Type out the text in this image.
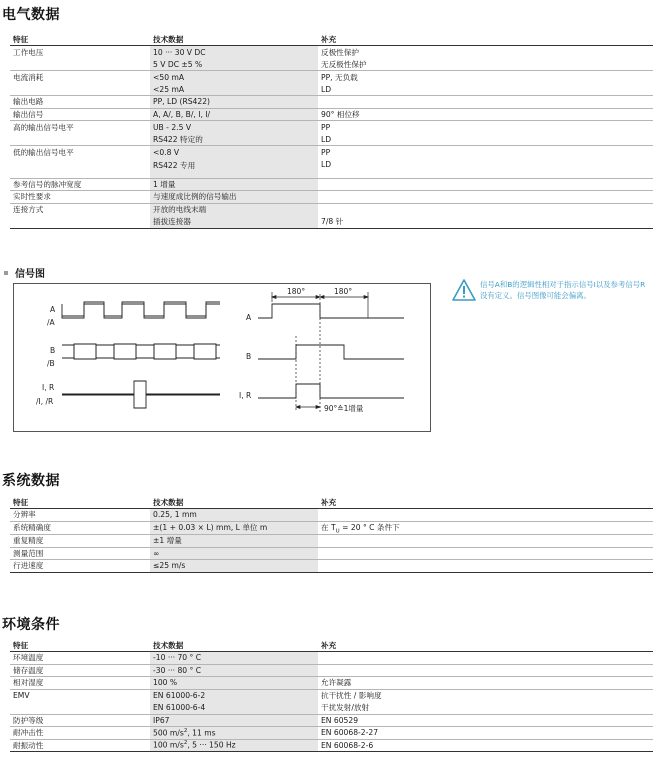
电气数据
特征	技术数据	补充
工作电压	10 ··· 30 V DC	反极性保护
	5 V DC ±5 %	无反极性保护
电流消耗	<50 mA	PP, 无负载
	<25 mA	LD
输出电路	PP, LD (RS422)	
输出信号	A, A/, B, B/, I, I/	90° 相位移
高的输出信号电平	UB - 2.5 V	PP
	RS422 特定的	LD
低的输出信号电平	<0.8 V	PP
	RS422 专用	LD
参考信号的脉冲宽度	1 增量	
实时性要求	与速度成比例的信号输出	
连接方式	开放的电线末端	
	插拔连接器	7/8 针
信号图
A
/A
B
/B
I, R
/I, /R
A
B
I, R
180°	180°
90°≙1增量
信号A和B的逻辑性相对于指示信号I以及参考信号R没有定义。信号图像可能会偏离。
系统数据
特征	技术数据	补充
分辨率	0.25, 1 mm	
系统精确度	±(1 + 0.03 × L) mm, L 单位 m	在 $T_U = 20$ ° C 条件下
重复精度	±1 增量	
测量范围	∞	
行进速度	≤25 m/s	
环境条件
特征	技术数据	补充
环境温度	-10 ··· 70 ° C	
储存温度	-30 ··· 80 ° C	
相对湿度	100 %	允许凝露
EMV	EN 61000-6-2	抗干扰性 / 影响度
	EN 61000-6-4	干扰发射/放射
防护等级	IP67	EN 60529
耐冲击性	500 $m/s^2$, 11 ms	EN 60068-2-27
耐振动性	100 $m/s^2$, 5 ··· 150 Hz	EN 60068-2-6
